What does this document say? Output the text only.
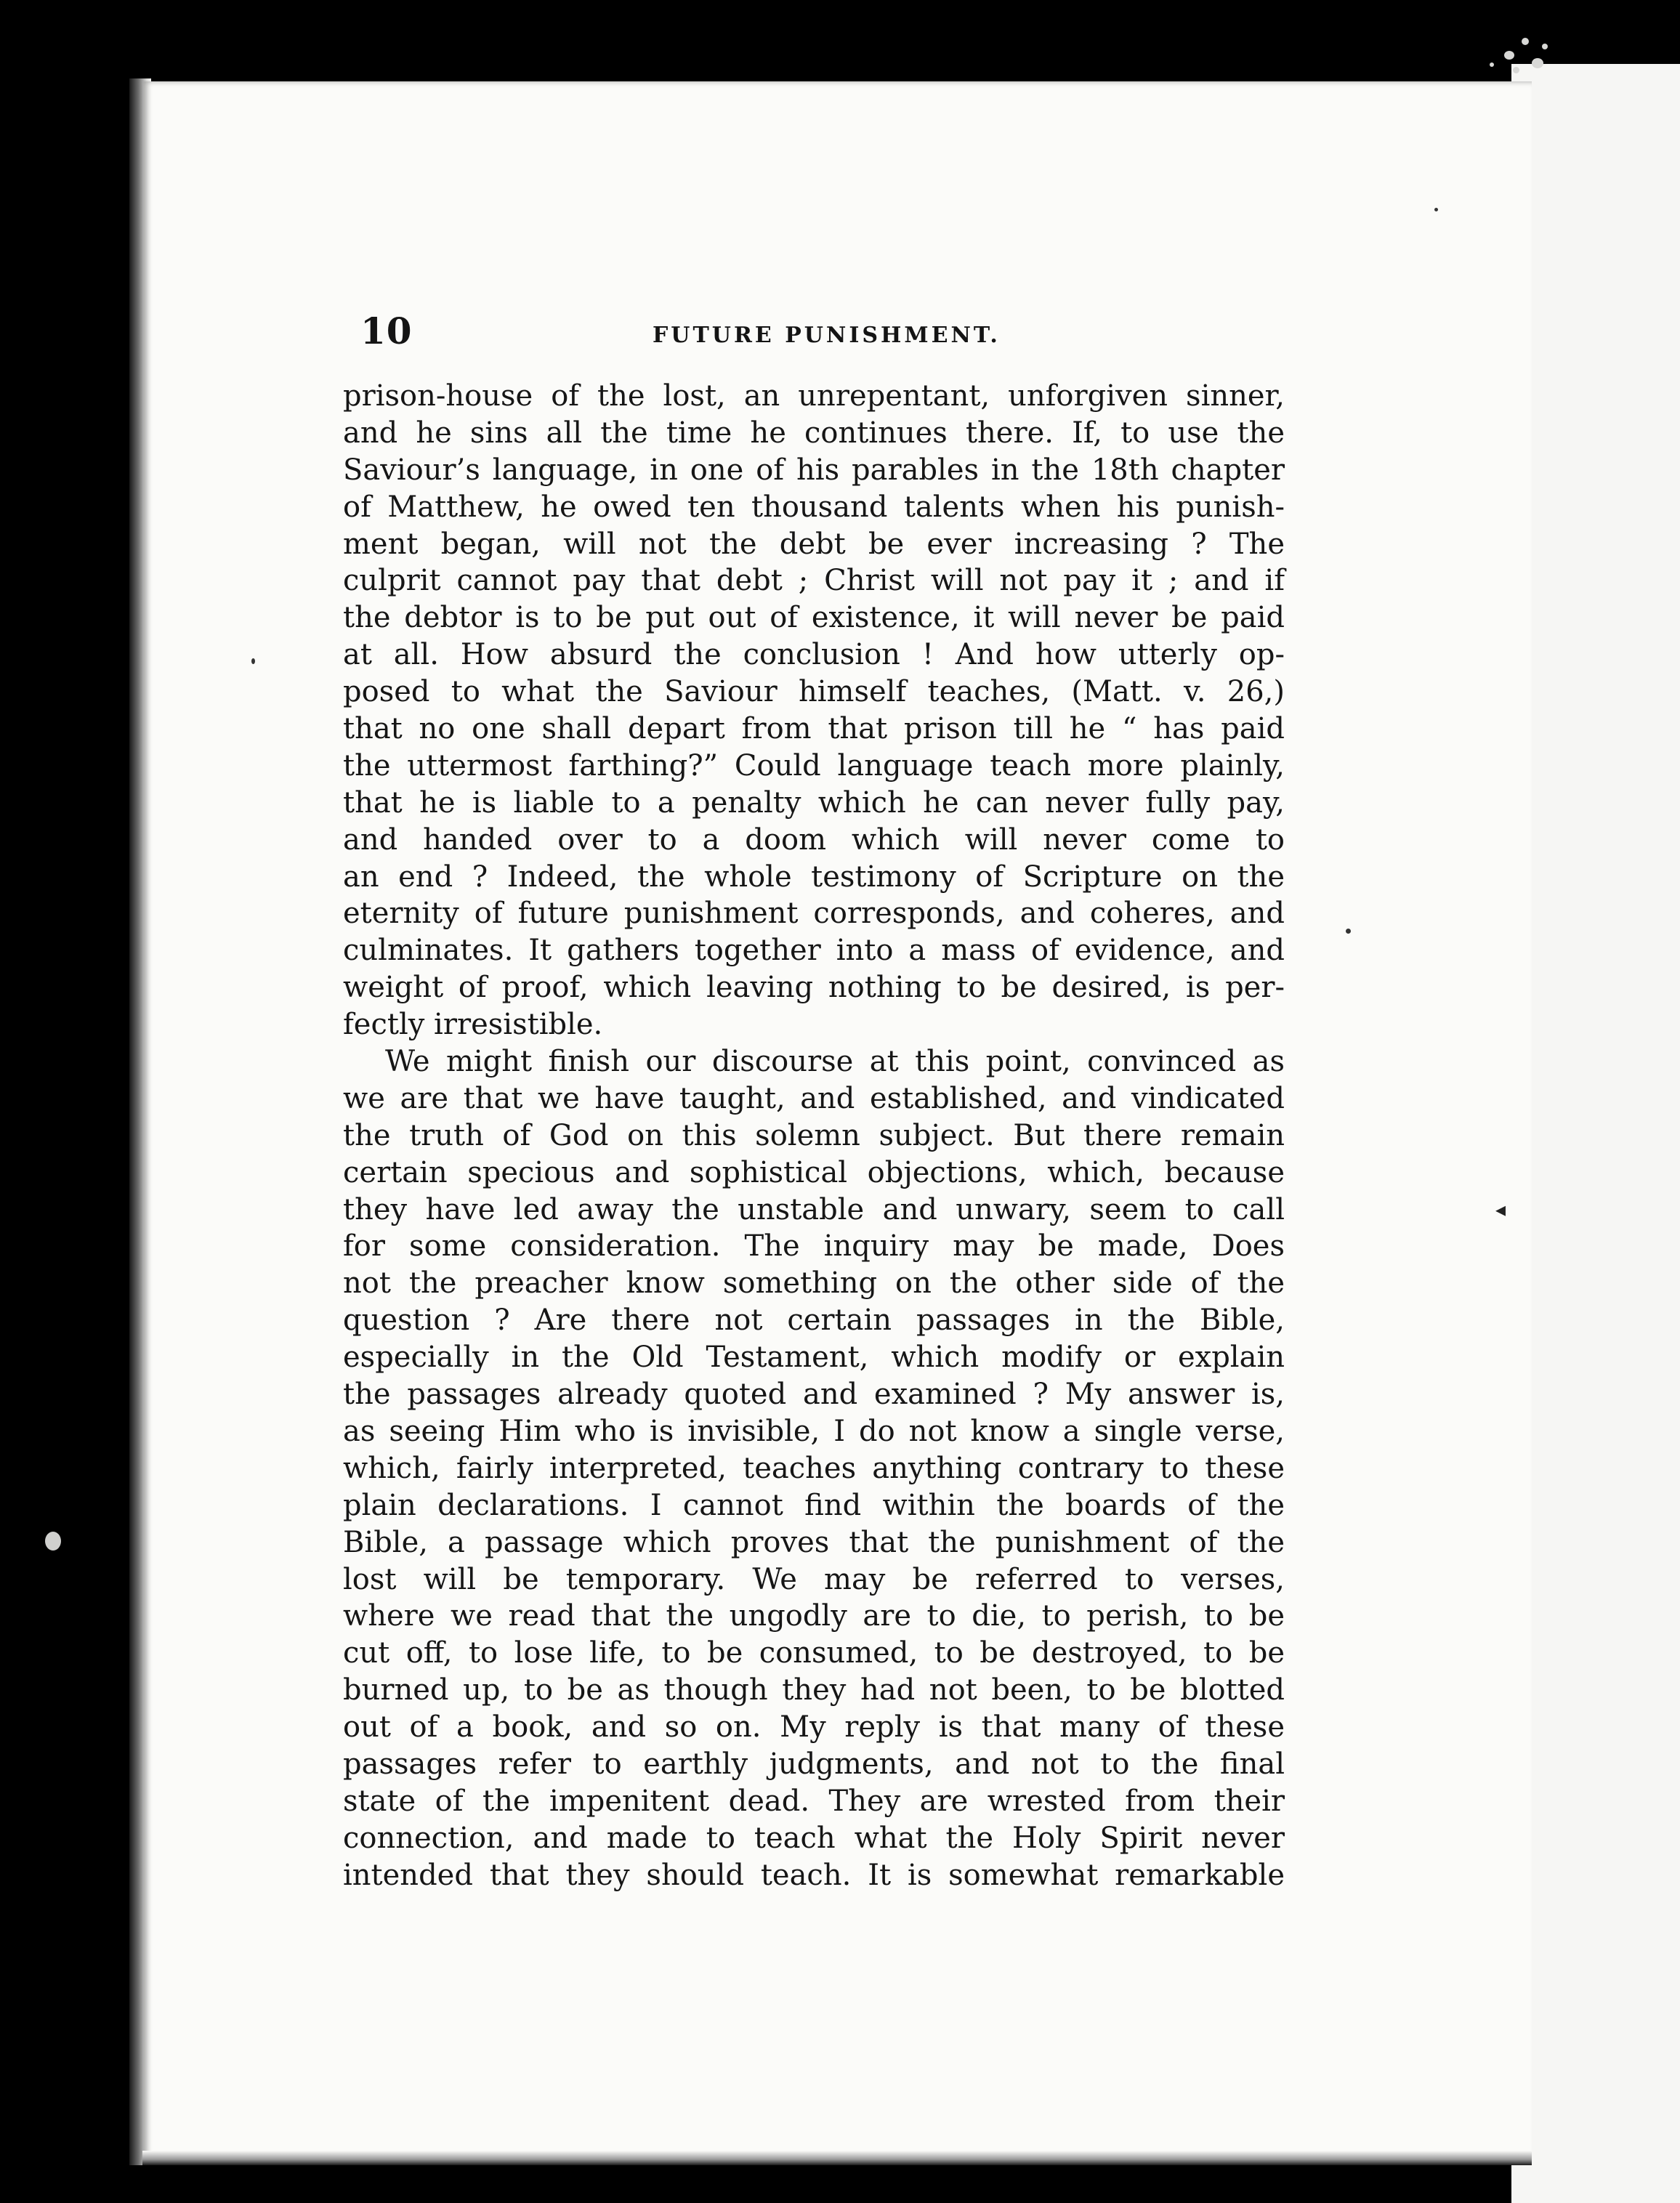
◂
10	FUTURE PUNISHMENT.

prison-house of the lost, an unrepentant, unforgiven sinner,
and he sins all the time he continues there. If, to use the
Saviour’s language, in one of his parables in the 18th chapter
of Matthew, he owed ten thousand talents when his punish-
ment began, will not the debt be ever increasing ? The
culprit cannot pay that debt ; Christ will not pay it ; and if
the debtor is to be put out of existence, it will never be paid
at all. How absurd the conclusion ! And how utterly op-
posed to what the Saviour himself teaches, (Matt. v. 26,)
that no one shall depart from that prison till he “ has paid
the uttermost farthing?” Could language teach more plainly,
that he is liable to a penalty which he can never fully pay,
and handed over to a doom which will never come to
an end ? Indeed, the whole testimony of Scripture on the
eternity of future punishment corresponds, and coheres, and
culminates. It gathers together into a mass of evidence, and
weight of proof, which leaving nothing to be desired, is per-
fectly irresistible.

We might finish our discourse at this point, convinced as
we are that we have taught, and established, and vindicated
the truth of God on this solemn subject. But there remain
certain specious and sophistical objections, which, because
they have led away the unstable and unwary, seem to call
for some consideration. The inquiry may be made, Does
not the preacher know something on the other side of the
question ? Are there not certain passages in the Bible,
especially in the Old Testament, which modify or explain
the passages already quoted and examined ? My answer is,
as seeing Him who is invisible, I do not know a single verse,
which, fairly interpreted, teaches anything contrary to these
plain declarations. I cannot find within the boards of the
Bible, a passage which proves that the punishment of the
lost will be temporary. We may be referred to verses,
where we read that the ungodly are to die, to perish, to be
cut off, to lose life, to be consumed, to be destroyed, to be
burned up, to be as though they had not been, to be blotted
out of a book, and so on. My reply is that many of these
passages refer to earthly judgments, and not to the final
state of the impenitent dead. They are wrested from their
connection, and made to teach what the Holy Spirit never
intended that they should teach. It is somewhat remarkable
